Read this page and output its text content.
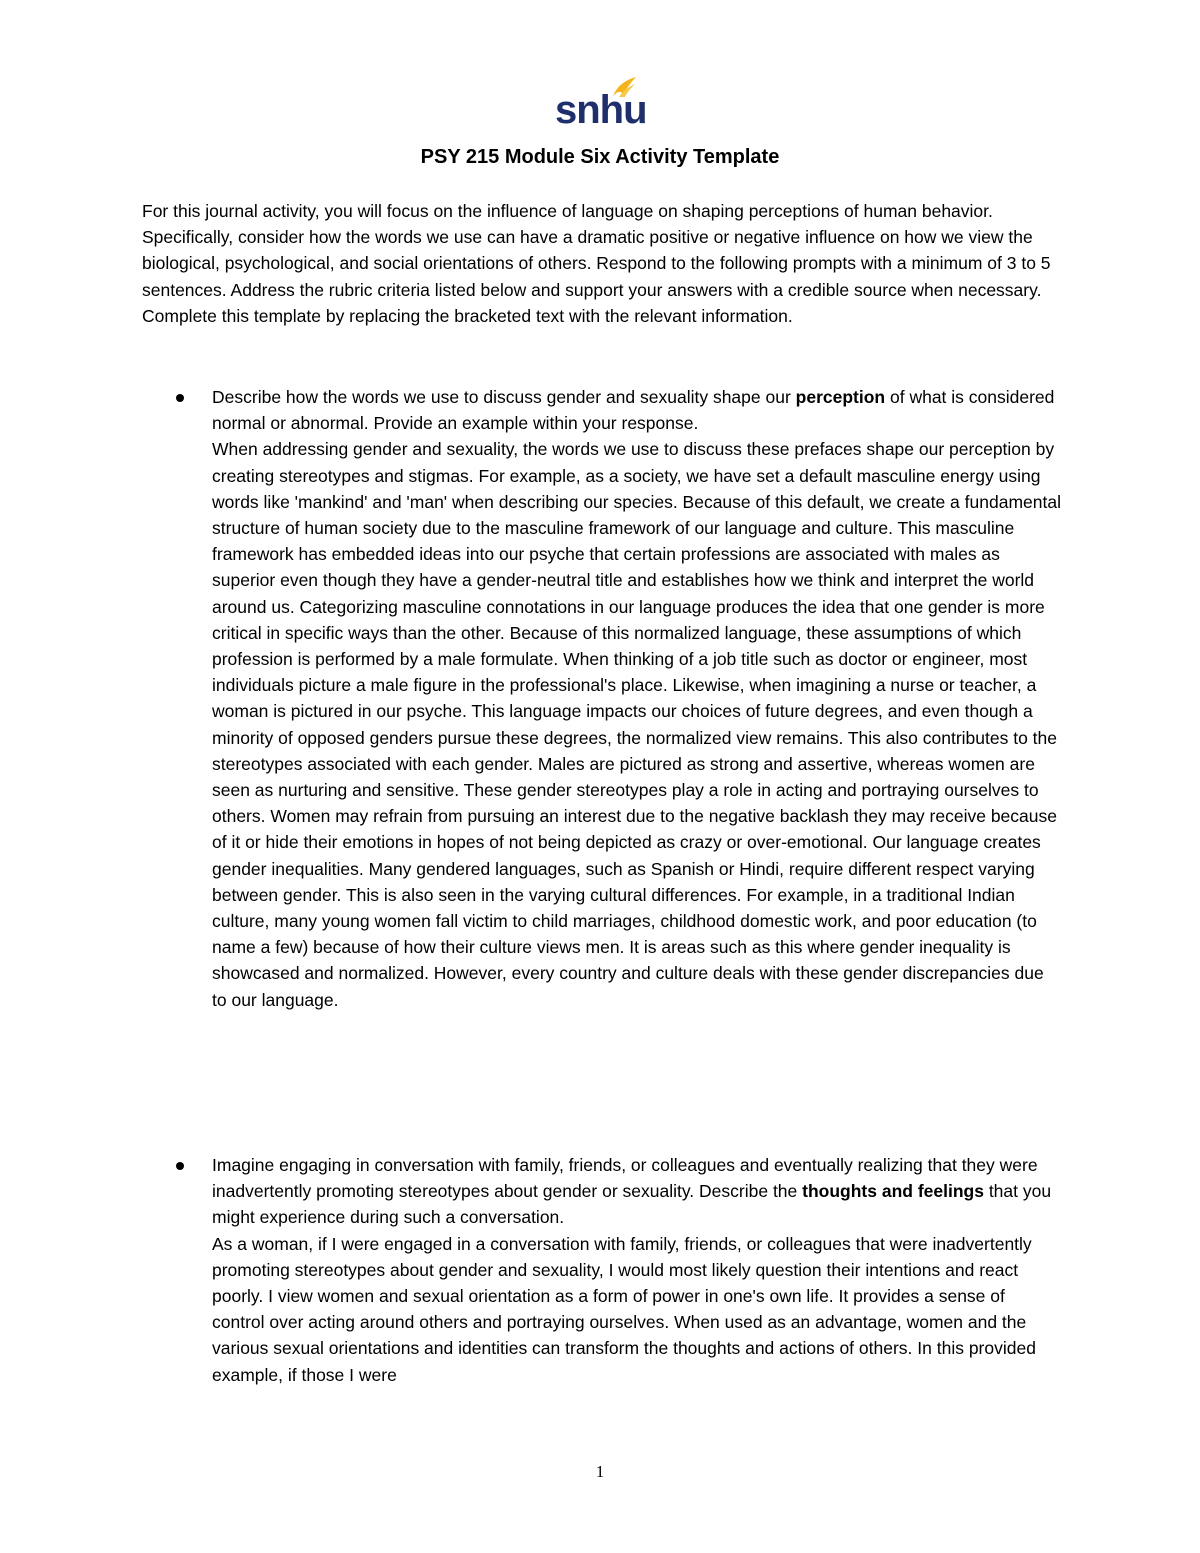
snhu
PSY 215 Module Six Activity Template

For this journal activity, you will focus on the influence of language on shaping perceptions of human behavior. Specifically, consider how the words we use can have a dramatic positive or negative influence on how we view the biological, psychological, and social orientations of others. Respond to the following prompts with a minimum of 3 to 5 sentences. Address the rubric criteria listed below and support your answers with a credible source when necessary. Complete this template by replacing the bracketed text with the relevant information.

Describe how the words we use to discuss gender and sexuality shape our perception of what is considered normal or abnormal. Provide an example within your response.

When addressing gender and sexuality, the words we use to discuss these prefaces shape our perception by creating stereotypes and stigmas. For example, as a society, we have set a default masculine energy using words like 'mankind' and 'man' when describing our species. Because of this default, we create a fundamental structure of human society due to the masculine framework of our language and culture. This masculine framework has embedded ideas into our psyche that certain professions are associated with males as superior even though they have a gender-neutral title and establishes how we think and interpret the world around us. Categorizing masculine connotations in our language produces the idea that one gender is more critical in specific ways than the other. Because of this normalized language, these assumptions of which profession is performed by a male formulate. When thinking of a job title such as doctor or engineer, most individuals picture a male figure in the professional's place. Likewise, when imagining a nurse or teacher, a woman is pictured in our psyche. This language impacts our choices of future degrees, and even though a minority of opposed genders pursue these degrees, the normalized view remains. This also contributes to the stereotypes associated with each gender. Males are pictured as strong and assertive, whereas women are seen as nurturing and sensitive. These gender stereotypes play a role in acting and portraying ourselves to others. Women may refrain from pursuing an interest due to the negative backlash they may receive because of it or hide their emotions in hopes of not being depicted as crazy or over-emotional. Our language creates gender inequalities. Many gendered languages, such as Spanish or Hindi, require different respect varying between gender. This is also seen in the varying cultural differences. For example, in a traditional Indian culture, many young women fall victim to child marriages, childhood domestic work, and poor education (to name a few) because of how their culture views men. It is areas such as this where gender inequality is showcased and normalized. However, every country and culture deals with these gender discrepancies due to our language.

Imagine engaging in conversation with family, friends, or colleagues and eventually realizing that they were inadvertently promoting stereotypes about gender or sexuality. Describe the thoughts and feelings that you might experience during such a conversation.

As a woman, if I were engaged in a conversation with family, friends, or colleagues that were inadvertently promoting stereotypes about gender and sexuality, I would most likely question their intentions and react poorly. I view women and sexual orientation as a form of power in one's own life. It provides a sense of control over acting around others and portraying ourselves. When used as an advantage, women and the various sexual orientations and identities can transform the thoughts and actions of others. In this provided example, if those I were

1
